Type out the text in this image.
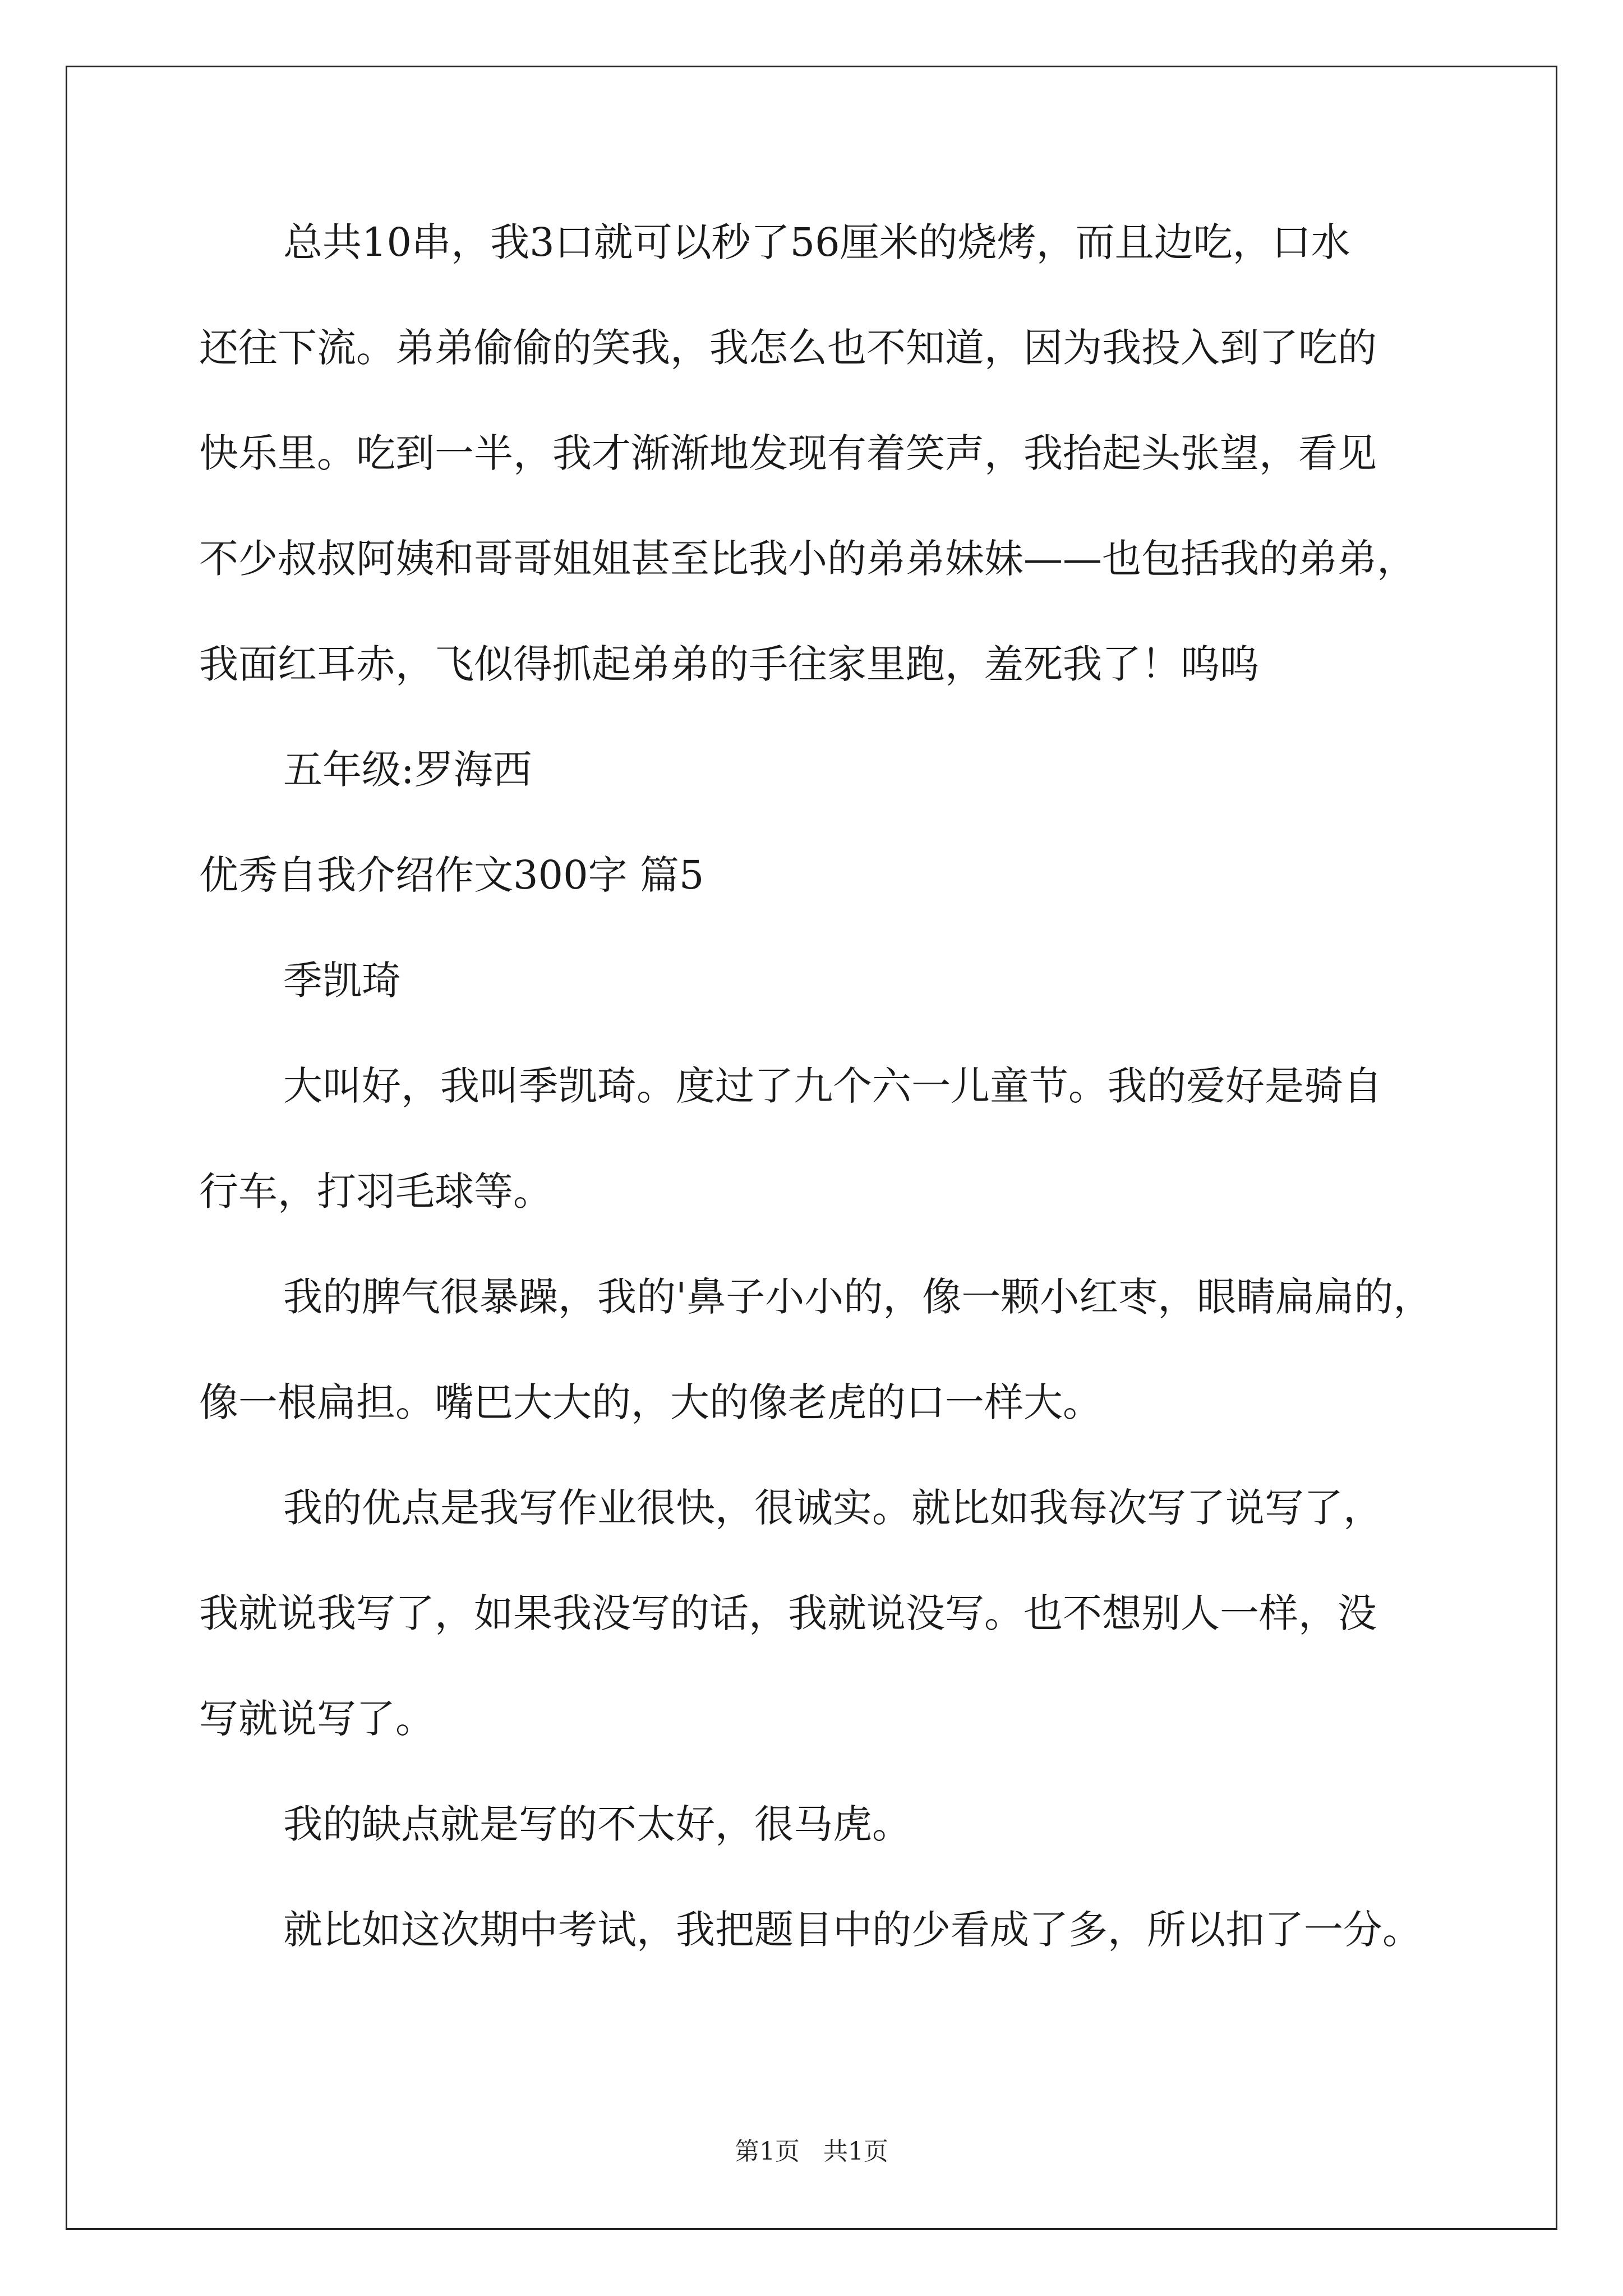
总共10串，我3口就可以秒了56厘米的烧烤，而且边吃，口水
还往下流。弟弟偷偷的笑我，我怎么也不知道，因为我投入到了吃的
快乐里。吃到一半，我才渐渐地发现有着笑声，我抬起头张望，看见
不少叔叔阿姨和哥哥姐姐甚至比我小的弟弟妹妹——也包括我的弟弟，
我面红耳赤，飞似得抓起弟弟的手往家里跑，羞死我了！呜呜
五年级:罗海西
优秀自我介绍作文300字 篇5
季凯琦
大叫好，我叫季凯琦。度过了九个六一儿童节。我的爱好是骑自
行车，打羽毛球等。
我的脾气很暴躁，我的'鼻子小小的，像一颗小红枣，眼睛扁扁的，
像一根扁担。嘴巴大大的，大的像老虎的口一样大。
我的优点是我写作业很快，很诚实。就比如我每次写了说写了，
我就说我写了，如果我没写的话，我就说没写。也不想别人一样，没
写就说写了。
我的缺点就是写的不太好，很马虎。
就比如这次期中考试，我把题目中的少看成了多，所以扣了一分。
第1页 共1页
